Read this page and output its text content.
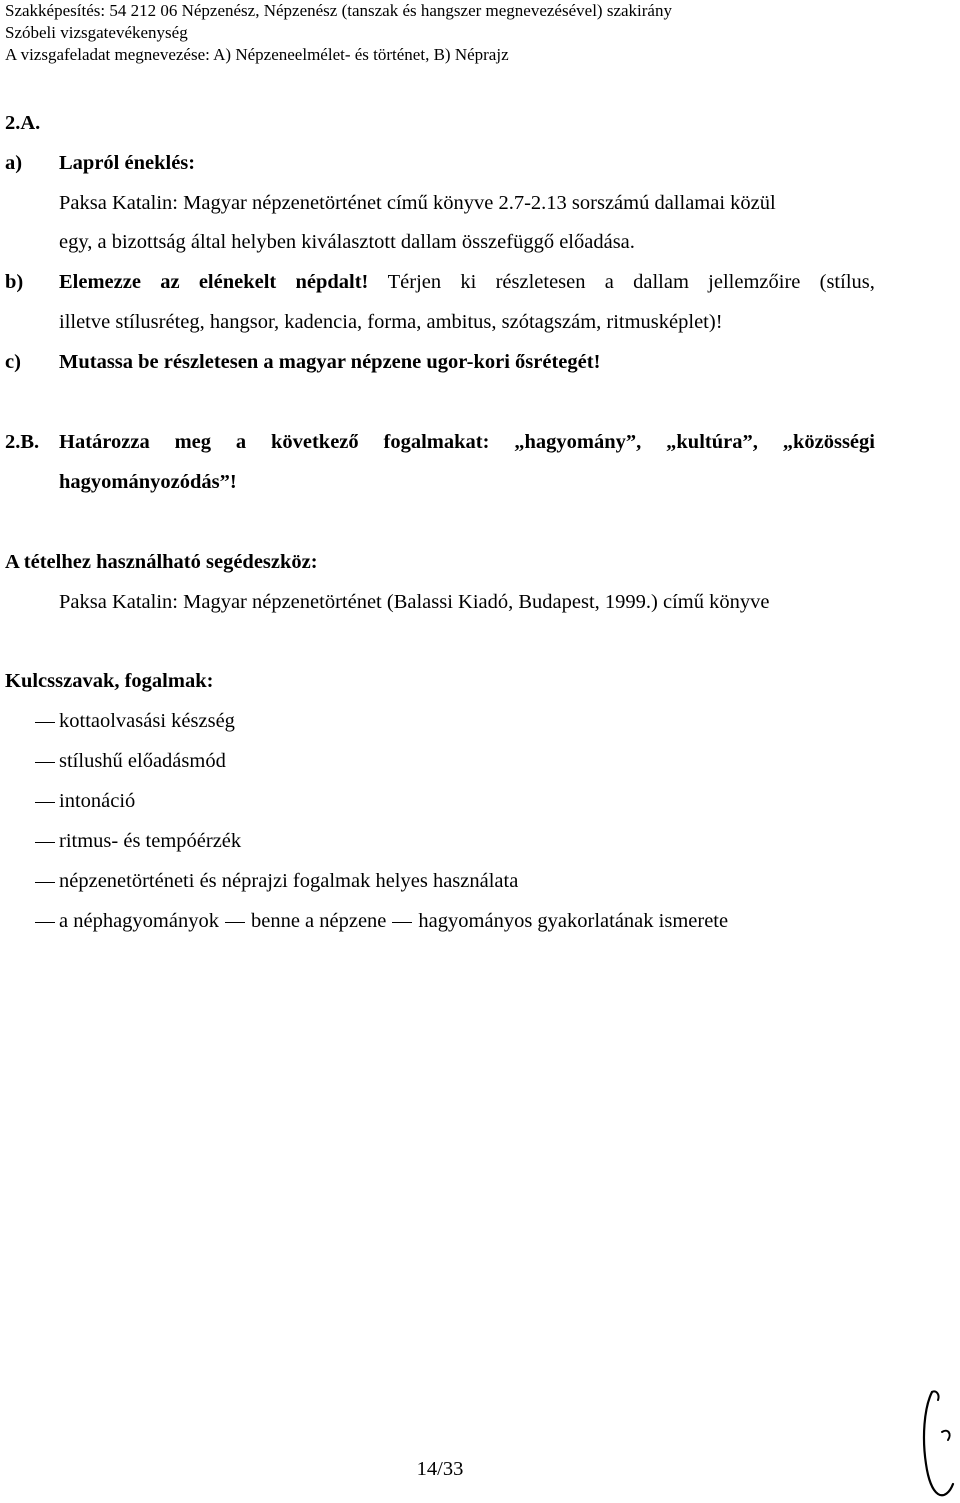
Szakképesítés: 54 212 06 Népzenész, Népzenész (tanszak és hangszer megnevezésével) szakirány
Szóbeli vizsgatevékenység
A vizsgafeladat megnevezése: A) Népzeneelmélet- és történet, B) Néprajz
2.A.
a) Lapról éneklés:
Paksa Katalin: Magyar népzenetörténet című könyve 2.7-2.13 sorszámú dallamai közül
egy, a bizottság által helyben kiválasztott dallam összefüggő előadása.
b) Elemezze az elénekelt népdalt! Térjen ki részletesen a dallam jellemzőire (stílus,
illetve stílusréteg, hangsor, kadencia, forma, ambitus, szótagszám, ritmusképlet)!
c) Mutassa be részletesen a magyar népzene ugor-kori ősrétegét!
2.B. Határozza meg a következő fogalmakat: „hagyomány”, „kultúra”, „közösségi
hagyományozódás”!
A tételhez használható segédeszköz:
Paksa Katalin: Magyar népzenetörténet (Balassi Kiadó, Budapest, 1999.) című könyve
Kulcsszavak, fogalmak:
kottaolvasási készség
stílushű előadásmód
intonáció
ritmus- és tempóérzék
népzenetörténeti és néprajzi fogalmak helyes használata
a néphagyományok benne a népzene hagyományos gyakorlatának ismerete
14/33
